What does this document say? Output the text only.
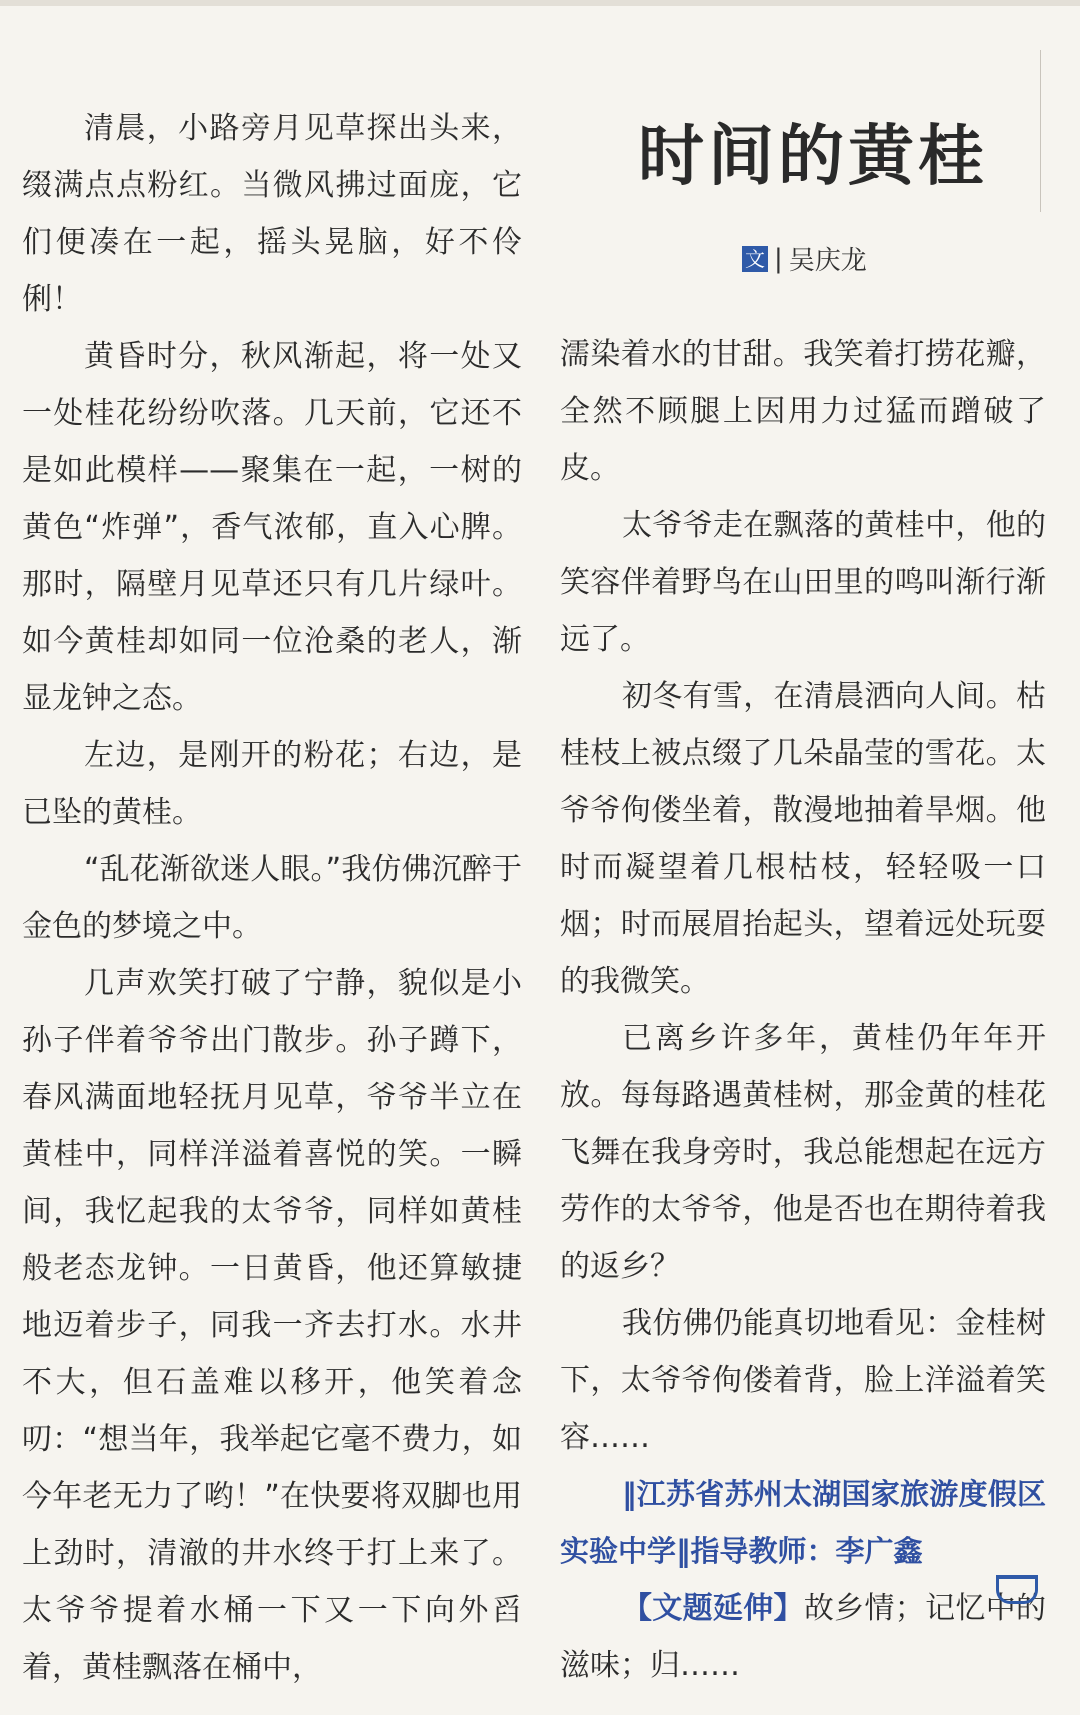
清晨，小路旁月见草探出头来，缀满点点粉红。当微风拂过面庞，它们便凑在一起，摇头晃脑，好不伶俐！

黄昏时分，秋风渐起，将一处又一处桂花纷纷吹落。几天前，它还不是如此模样——聚集在一起，一树的黄色“炸弹”，香气浓郁，直入心脾。那时，隔壁月见草还只有几片绿叶。如今黄桂却如同一位沧桑的老人，渐显龙钟之态。

左边，是刚开的粉花；右边，是已坠的黄桂。

“乱花渐欲迷人眼。”我仿佛沉醉于金色的梦境之中。

几声欢笑打破了宁静，貌似是小孙子伴着爷爷出门散步。孙子蹲下，春风满面地轻抚月见草，爷爷半立在黄桂中，同样洋溢着喜悦的笑。一瞬间，我忆起我的太爷爷，同样如黄桂般老态龙钟。一日黄昏，他还算敏捷地迈着步子，同我一齐去打水。水井不大，但石盖难以移开，他笑着念叨：“想当年，我举起它毫不费力，如今年老无力了哟！”在快要将双脚也用上劲时，清澈的井水终于打上来了。太爷爷提着水桶一下又一下向外舀着，黄桂飘落在桶中，

时间的黄桂
文 | 吴庆龙

濡染着水的甘甜。我笑着打捞花瓣，全然不顾腿上因用力过猛而蹭破了皮。

太爷爷走在飘落的黄桂中，他的笑容伴着野鸟在山田里的鸣叫渐行渐远了。

初冬有雪，在清晨洒向人间。枯桂枝上被点缀了几朵晶莹的雪花。太爷爷佝偻坐着，散漫地抽着旱烟。他时而凝望着几根枯枝，轻轻吸一口烟；时而展眉抬起头，望着远处玩耍的我微笑。

已离乡许多年，黄桂仍年年开放。每每路遇黄桂树，那金黄的桂花飞舞在我身旁时，我总能想起在远方劳作的太爷爷，他是否也在期待着我的返乡？

我仿佛仍能真切地看见：金桂树下，太爷爷佝偻着背，脸上洋溢着笑容……

‖江苏省苏州太湖国家旅游度假区实验中学‖指导教师：李广鑫

【文题延伸】故乡情；记忆中的滋味；归……
